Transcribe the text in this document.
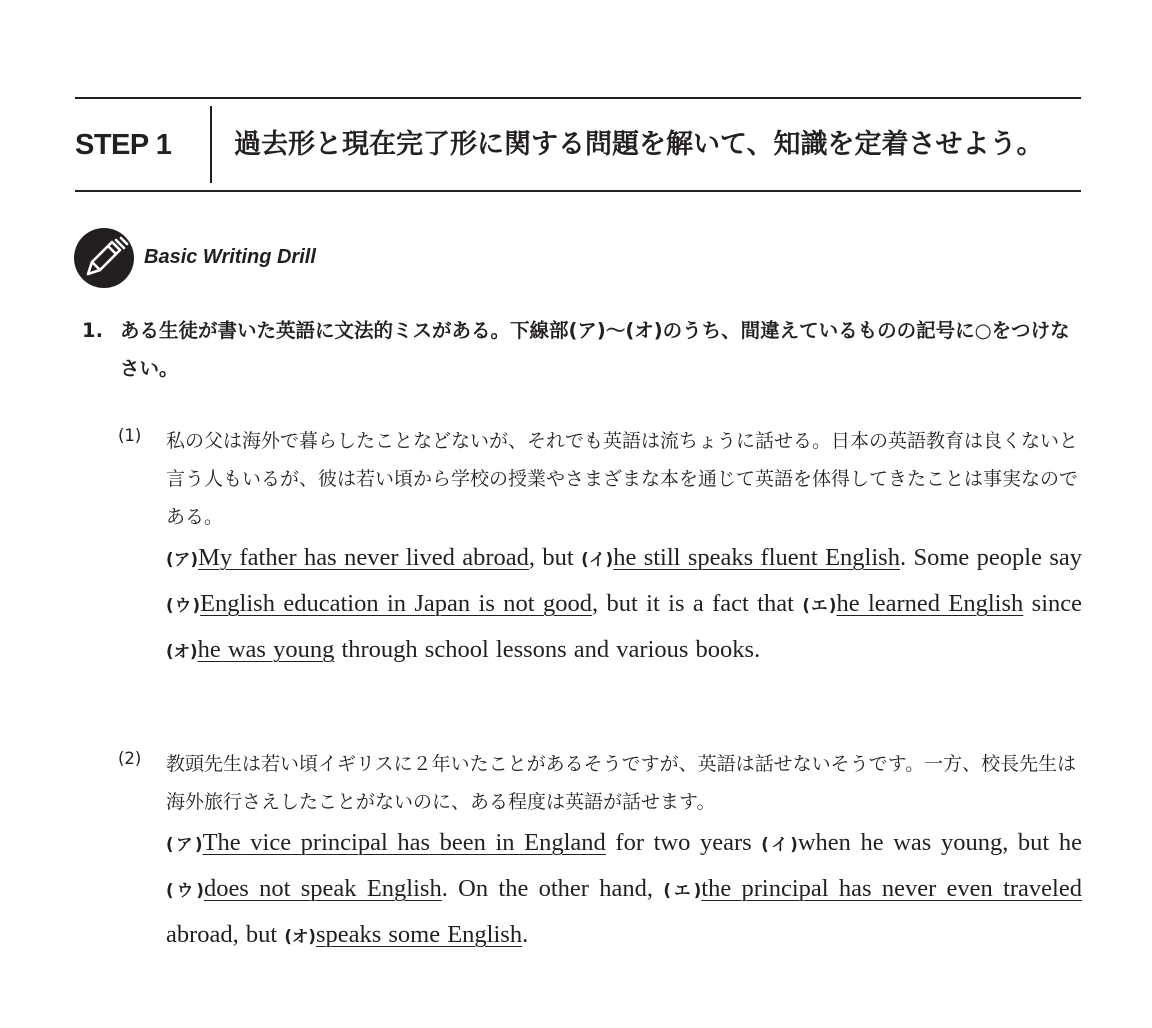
STEP 1 過去形と現在完了形に関する問題を解いて、知識を定着させよう。
Basic Writing Drill
1. ある生徒が書いた英語に文法的ミスがある。下線部(ア)～(オ)のうち、間違えているものの記号に○をつけなさい。
(1) 私の父は海外で暮らしたことなどないが、それでも英語は流ちょうに話せる。日本の英語教育は良くないと言う人もいるが、彼は若い頃から学校の授業やさまざまな本を通じて英語を体得してきたことは事実なのである。
(ア)My father has never lived abroad, but (イ)he still speaks fluent English. Some people say (ウ)English education in Japan is not good, but it is a fact that (エ)he learned English since (オ)he was young through school lessons and various books.
(2) 教頭先生は若い頃イギリスに２年いたことがあるそうですが、英語は話せないそうです。一方、校長先生は海外旅行さえしたことがないのに、ある程度は英語が話せます。
(ア)The vice principal has been in England for two years (イ)when he was young, but he (ウ)does not speak English. On the other hand, (エ)the principal has never even traveled abroad, but (オ)speaks some English.
